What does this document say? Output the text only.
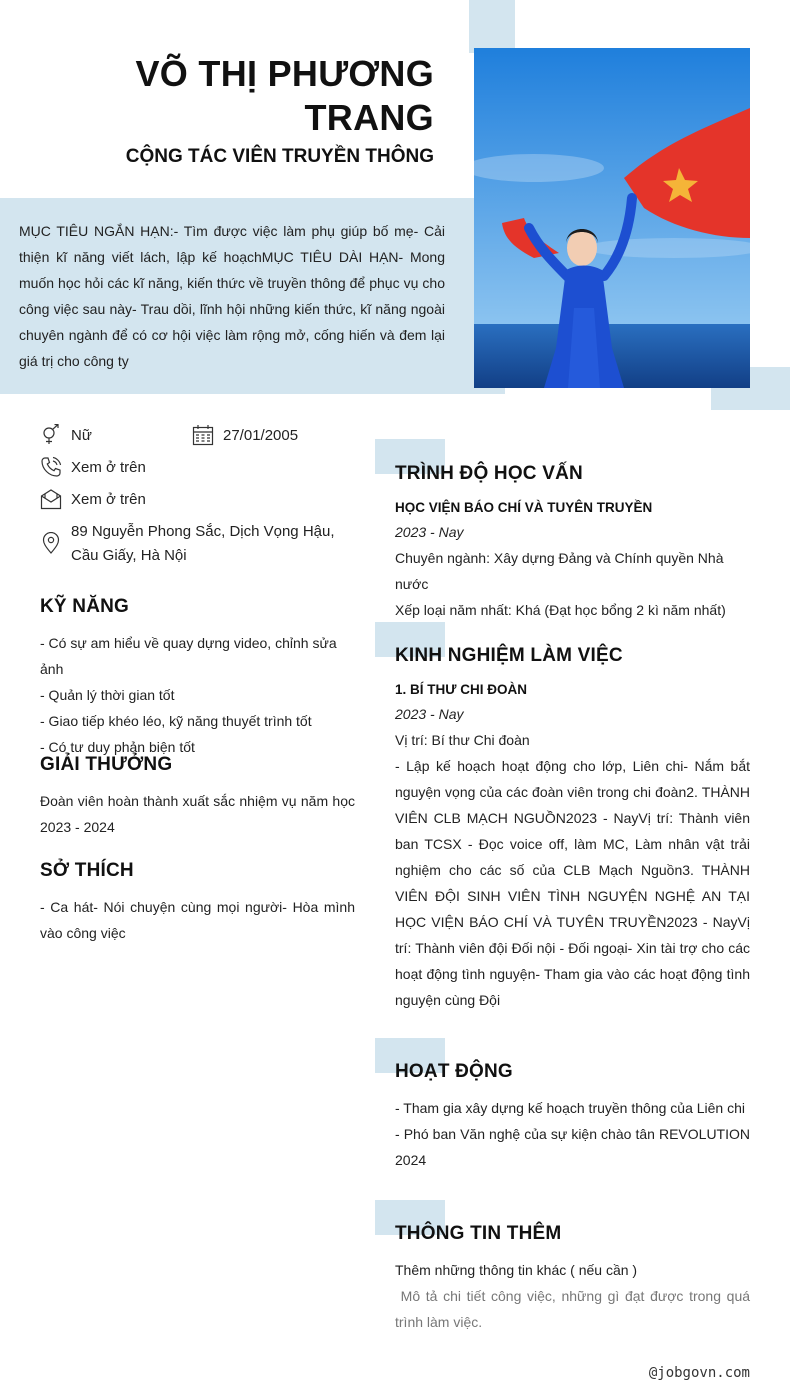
VÕ THỊ PHƯƠNG
TRANG
CỘNG TÁC VIÊN TRUYỀN THÔNG

MỤC TIÊU NGẮN HẠN:- Tìm được việc làm phụ giúp bố mẹ- Cải thiện kĩ năng viết lách, lập kế hoạchMỤC TIÊU DÀI HẠN- Mong muốn học hỏi các kĩ năng, kiến thức về truyền thông để phục vụ cho công việc sau này- Trau dồi, lĩnh hội những kiến thức, kĩ năng ngoài chuyên ngành để có cơ hội việc làm rộng mở, cống hiến và đem lại giá trị cho công ty

Nữ	27/01/2005
Xem ở trên
Xem ở trên
89 Nguyễn Phong Sắc, Dịch Vọng Hậu, Cầu Giấy, Hà Nội
KỸ NĂNG
- Có sự am hiểu về quay dựng video, chỉnh sửa ảnh
- Quản lý thời gian tốt
- Giao tiếp khéo léo, kỹ năng thuyết trình tốt
- Có tư duy phản biện tốt
GIẢI THƯỞNG

Đoàn viên hoàn thành xuất sắc nhiệm vụ năm học 2023 - 2024

SỞ THÍCH

- Ca hát- Nói chuyện cùng mọi người- Hòa mình vào công việc

TRÌNH ĐỘ HỌC VẤN
HỌC VIỆN BÁO CHÍ VÀ TUYÊN TRUYỀN
2023 - Nay
Chuyên ngành: Xây dựng Đảng và Chính quyền Nhà nước
Xếp loại năm nhất: Khá (Đạt học bổng 2 kì năm nhất)
KINH NGHIỆM LÀM VIỆC
1. BÍ THƯ CHI ĐOÀN
2023 - Nay
Vị trí: Bí thư Chi đoàn
- Lập kế hoạch hoạt động cho lớp, Liên chi- Nắm bắt nguyện vọng của các đoàn viên trong chi đoàn2. THÀNH VIÊN CLB MẠCH NGUỒN2023 - NayVị trí: Thành viên ban TCSX - Đọc voice off, làm MC, Làm nhân vật trải nghiệm cho các số của CLB Mạch Nguồn3. THÀNH VIÊN ĐỘI SINH VIÊN TÌNH NGUYỆN NGHỆ AN TẠI HỌC VIỆN BÁO CHÍ VÀ TUYÊN TRUYỀN2023 - NayVị trí: Thành viên đội Đối nội - Đối ngoại- Xin tài trợ cho các hoạt động tình nguyện- Tham gia vào các hoạt động tình nguyện cùng Đội
HOẠT ĐỘNG
- Tham gia xây dựng kế hoạch truyền thông của Liên chi
- Phó ban Văn nghệ của sự kiện chào tân REVOLUTION 2024
THÔNG TIN THÊM
Thêm những thông tin khác ( nếu cần )
Mô tả chi tiết công việc, những gì đạt được trong quá trình làm việc.
@jobgovn.com
